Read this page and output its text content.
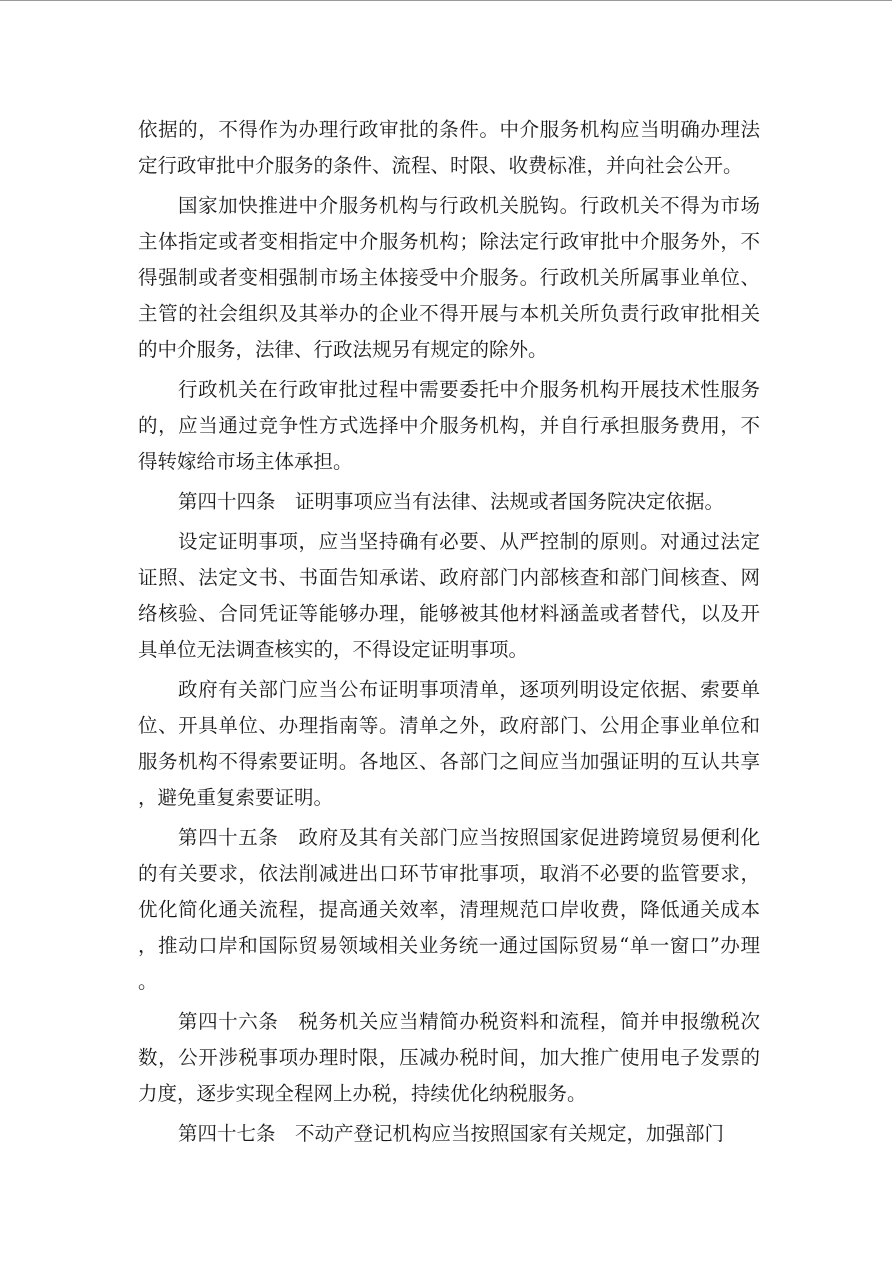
依据的，不得作为办理行政审批的条件。中介服务机构应当明确办理法定行政审批中介服务的条件、流程、时限、收费标准，并向社会公开。

国家加快推进中介服务机构与行政机关脱钩。行政机关不得为市场主体指定或者变相指定中介服务机构；除法定行政审批中介服务外，不得强制或者变相强制市场主体接受中介服务。行政机关所属事业单位、主管的社会组织及其举办的企业不得开展与本机关所负责行政审批相关的中介服务，法律、行政法规另有规定的除外。

行政机关在行政审批过程中需要委托中介服务机构开展技术性服务的，应当通过竞争性方式选择中介服务机构，并自行承担服务费用，不得转嫁给市场主体承担。

第四十四条　证明事项应当有法律、法规或者国务院决定依据。

设定证明事项，应当坚持确有必要、从严控制的原则。对通过法定证照、法定文书、书面告知承诺、政府部门内部核查和部门间核查、网络核验、合同凭证等能够办理，能够被其他材料涵盖或者替代，以及开具单位无法调查核实的，不得设定证明事项。

政府有关部门应当公布证明事项清单，逐项列明设定依据、索要单位、开具单位、办理指南等。清单之外，政府部门、公用企事业单位和服务机构不得索要证明。各地区、各部门之间应当加强证明的互认共享，避免重复索要证明。

第四十五条　政府及其有关部门应当按照国家促进跨境贸易便利化的有关要求，依法削减进出口环节审批事项，取消不必要的监管要求，优化简化通关流程，提高通关效率，清理规范口岸收费，降低通关成本，推动口岸和国际贸易领域相关业务统一通过国际贸易“单一窗口”办理。

第四十六条　税务机关应当精简办税资料和流程，简并申报缴税次数，公开涉税事项办理时限，压减办税时间，加大推广使用电子发票的力度，逐步实现全程网上办税，持续优化纳税服务。

第四十七条　不动产登记机构应当按照国家有关规定，加强部门
